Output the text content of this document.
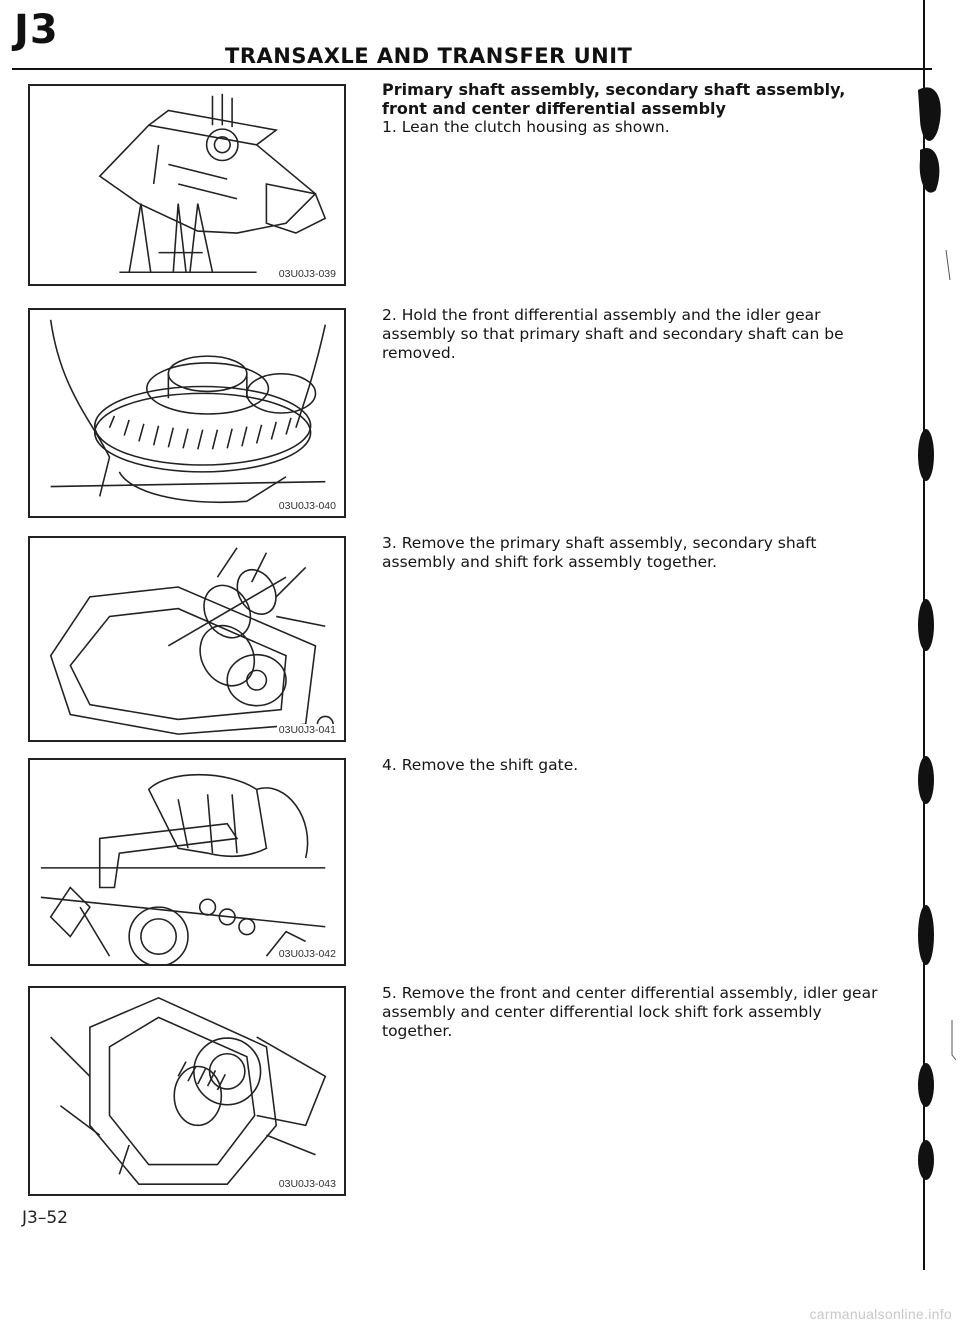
J3
TRANSAXLE AND TRANSFER UNIT
03U0J3-039
03U0J3-040
03U0J3-041
03U0J3-042
03U0J3-043
Primary shaft assembly, secondary shaft assembly, front and center differential assembly
1. Lean the clutch housing as shown.
2. Hold the front differential assembly and the idler gear assembly so that primary shaft and secondary shaft can be removed.
3. Remove the primary shaft assembly, secondary shaft assembly and shift fork assembly together.
4. Remove the shift gate.
5. Remove the front and center differential assembly, idler gear assembly and center differential lock shift fork assembly together.
J3–52
carmanualsonline.info
